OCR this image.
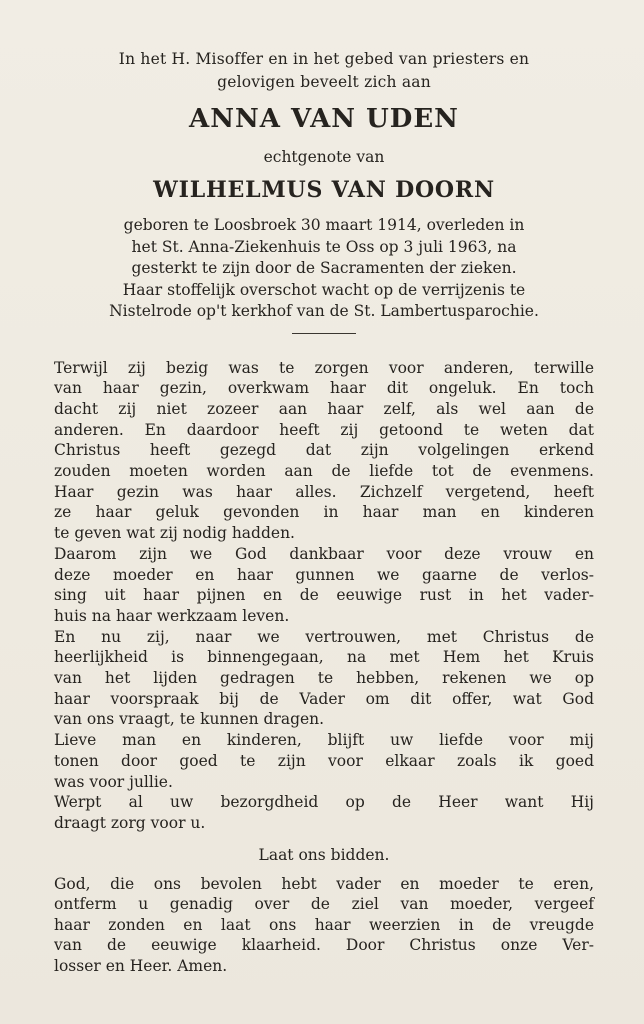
In het H. Misoffer en in het gebed van priesters en
gelovigen beveelt zich aan

ANNA VAN UDEN

echtgenote van

WILHELMUS VAN DOORN

geboren te Loosbroek 30 maart 1914, overleden in
het St. Anna-Ziekenhuis te Oss op 3 juli 1963, na
gesterkt te zijn door de Sacramenten der zieken.
Haar stoffelijk overschot wacht op de verrijzenis te
Nistelrode op't kerkhof van de St. Lambertusparochie.

Terwijl zij bezig was te zorgen voor anderen, terwille
van haar gezin, overkwam haar dit ongeluk. En toch
dacht zij niet zozeer aan haar zelf, als wel aan de
anderen. En daardoor heeft zij getoond te weten dat
Christus heeft gezegd dat zijn volgelingen erkend
zouden moeten worden aan de liefde tot de evenmens.
Haar gezin was haar alles. Zichzelf vergetend, heeft
ze haar geluk gevonden in haar man en kinderen
te geven wat zij nodig hadden.
Daarom zijn we God dankbaar voor deze vrouw en
deze moeder en haar gunnen we gaarne de verlos-
sing uit haar pijnen en de eeuwige rust in het vader-
huis na haar werkzaam leven.
En nu zij, naar we vertrouwen, met Christus de
heerlijkheid is binnengegaan, na met Hem het Kruis
van het lijden gedragen te hebben, rekenen we op
haar voorspraak bij de Vader om dit offer, wat God
van ons vraagt, te kunnen dragen.
Lieve man en kinderen, blijft uw liefde voor mij
tonen door goed te zijn voor elkaar zoals ik goed
was voor jullie.
Werpt al uw bezorgdheid op de Heer want Hij
draagt zorg voor u.

Laat ons bidden.

God, die ons bevolen hebt vader en moeder te eren,
ontferm u genadig over de ziel van moeder, vergeef
haar zonden en laat ons haar weerzien in de vreugde
van de eeuwige klaarheid. Door Christus onze Ver-
losser en Heer. Amen.
